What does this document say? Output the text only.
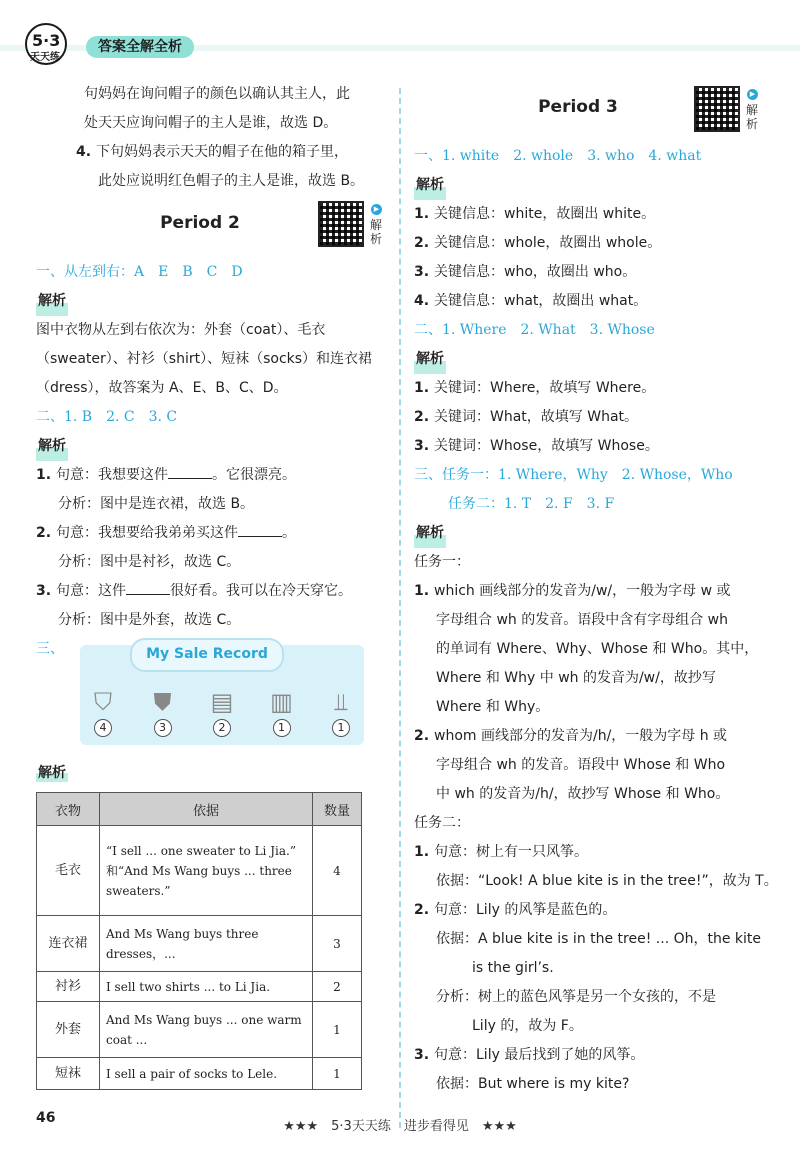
5·3
天天练
答案全解全析
句妈妈在询问帽子的颜色以确认其主人，此
处天天应询问帽子的主人是谁，故选 D。
4. 下句妈妈表示天天的帽子在他的箱子里，
此处应说明红色帽子的主人是谁，故选 B。
Period 2
▶
解析
一、从左到右：A　E　B　C　D
解析
图中衣物从左到右依次为：外套（coat）、毛衣
（sweater）、衬衫（shirt）、短袜（socks）和连衣裙
（dress），故答案为 A、E、B、C、D。
二、1. B　2. C　3. C
解析
1. 句意：我想要这件	。它很漂亮。
分析：图中是连衣裙，故选 B。
2. 句意：我想要给我弟弟买这件	。
分析：图中是衬衫，故选 C。
3. 句意：这件	很好看。我可以在冷天穿它。
分析：图中是外套，故选 C。
三、	My Sale Record
⛉
4
⛊
3
▤
2
▥
1
⫫
1
解析
衣物	依据	数量
毛衣	“I sell ... one sweater to Li Jia.” 和“And Ms Wang buys ... three sweaters.”	4
连衣裙	And Ms Wang buys three dresses，...	3
衬衫	I sell two shirts ... to Li Jia.	2
外套	And Ms Wang buys ... one warm coat ...	1
短袜	I sell a pair of socks to Lele.	1
Period 3
▶
解析
一、1. white　2. whole　3. who　4. what
解析
1. 关键信息：white，故圈出 white。
2. 关键信息：whole，故圈出 whole。
3. 关键信息：who，故圈出 who。
4. 关键信息：what，故圈出 what。
二、1. Where　2. What　3. Whose
解析
1. 关键词：Where，故填写 Where。
2. 关键词：What，故填写 What。
3. 关键词：Whose，故填写 Whose。
三、任务一：1. Where，Why　2. Whose，Who
任务二：1. T　2. F　3. F
解析
任务一：
1. which 画线部分的发音为/w/，一般为字母 w 或
字母组合 wh 的发音。语段中含有字母组合 wh
的单词有 Where、Why、Whose 和 Who。其中，
Where 和 Why 中 wh 的发音为/w/，故抄写
Where 和 Why。
2. whom 画线部分的发音为/h/，一般为字母 h 或
字母组合 wh 的发音。语段中 Whose 和 Who
中 wh 的发音为/h/，故抄写 Whose 和 Who。
任务二：
1. 句意：树上有一只风筝。
依据：“Look! A blue kite is in the tree!”，故为 T。
2. 句意：Lily 的风筝是蓝色的。
依据：A blue kite is in the tree! ... Oh，the kite
is the girl’s.
分析：树上的蓝色风筝是另一个女孩的，不是
Lily 的，故为 F。
3. 句意：Lily 最后找到了她的风筝。
依据：But where is my kite?
46
★★★　5·3天天练　进步看得见　★★★
